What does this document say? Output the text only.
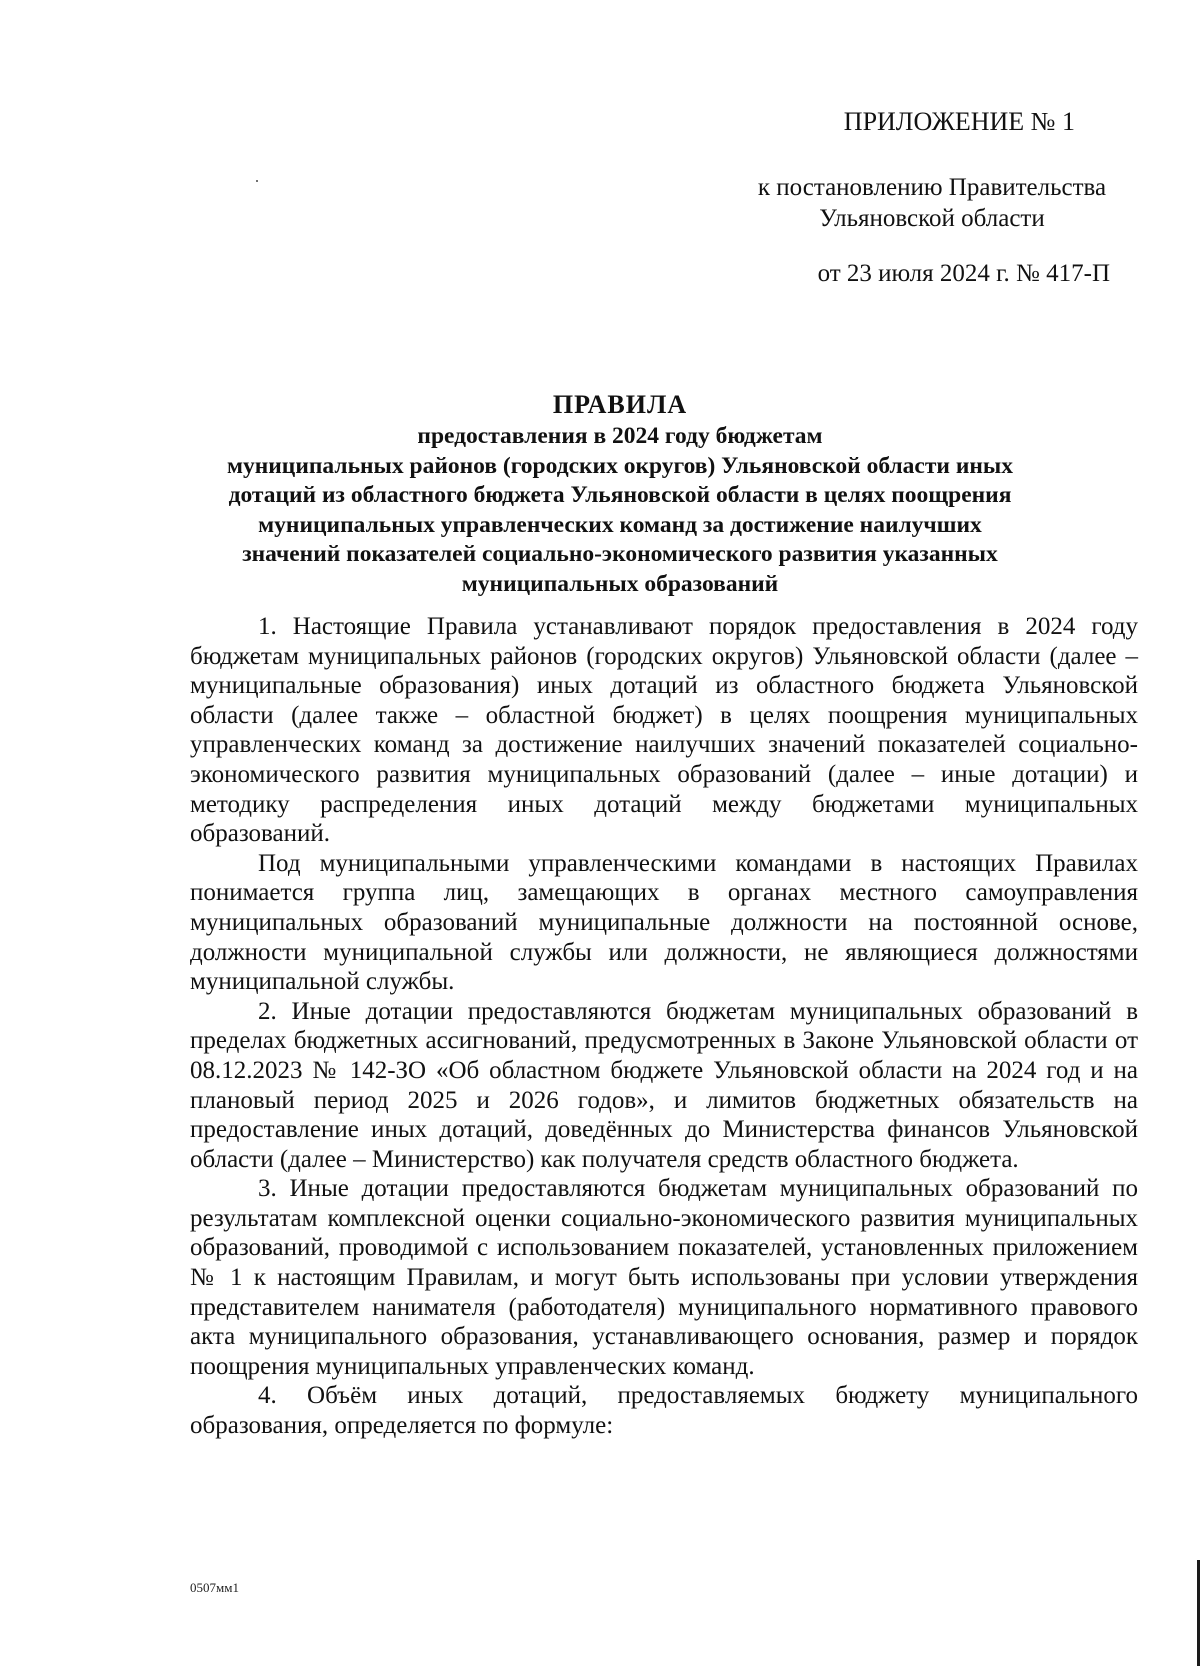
ПРИЛОЖЕНИЕ № 1
к постановлению Правительства
Ульяновской области
от 23 июля 2024 г. № 417-П
ПРАВИЛА
предоставления в 2024 году бюджетам
муниципальных районов (городских округов) Ульяновской области иных
дотаций из областного бюджета Ульяновской области в целях поощрения
муниципальных управленческих команд за достижение наилучших
значений показателей социально-экономического развития указанных
муниципальных образований

1. Настоящие Правила устанавливают порядок предоставления в 2024 году бюджетам муниципальных районов (городских округов) Ульяновской области (далее – муниципальные образования) иных дотаций из областного бюджета Ульяновской области (далее также – областной бюджет) в целях поощрения муниципальных управленческих команд за достижение наилучших значений показателей социально-экономического развития муниципальных образований (далее – иные дотации) и методику распределения иных дотаций между бюджетами муниципальных образований.

Под муниципальными управленческими командами в настоящих Правилах понимается группа лиц, замещающих в органах местного самоуправления муниципальных образований муниципальные должности на постоянной основе, должности муниципальной службы или должности, не являющиеся должностями муниципальной службы.

2. Иные дотации предоставляются бюджетам муниципальных образований в пределах бюджетных ассигнований, предусмотренных в Законе Ульяновской области от 08.12.2023 № 142-ЗО «Об областном бюджете Ульяновской области на 2024 год и на плановый период 2025 и 2026 годов», и лимитов бюджетных обязательств на предоставление иных дотаций, доведённых до Министерства финансов Ульяновской области (далее – Министерство) как получателя средств областного бюджета.

3. Иные дотации предоставляются бюджетам муниципальных образований по результатам комплексной оценки социально-экономического развития муниципальных образований, проводимой с использованием показателей, установленных приложением № 1 к настоящим Правилам, и могут быть использованы при условии утверждения представителем нанимателя (работодателя) муниципального нормативного правового акта муниципального образования, устанавливающего основания, размер и порядок поощрения муниципальных управленческих команд.

4. Объём иных дотаций, предоставляемых бюджету муниципального образования, определяется по формуле:

0507мм1
